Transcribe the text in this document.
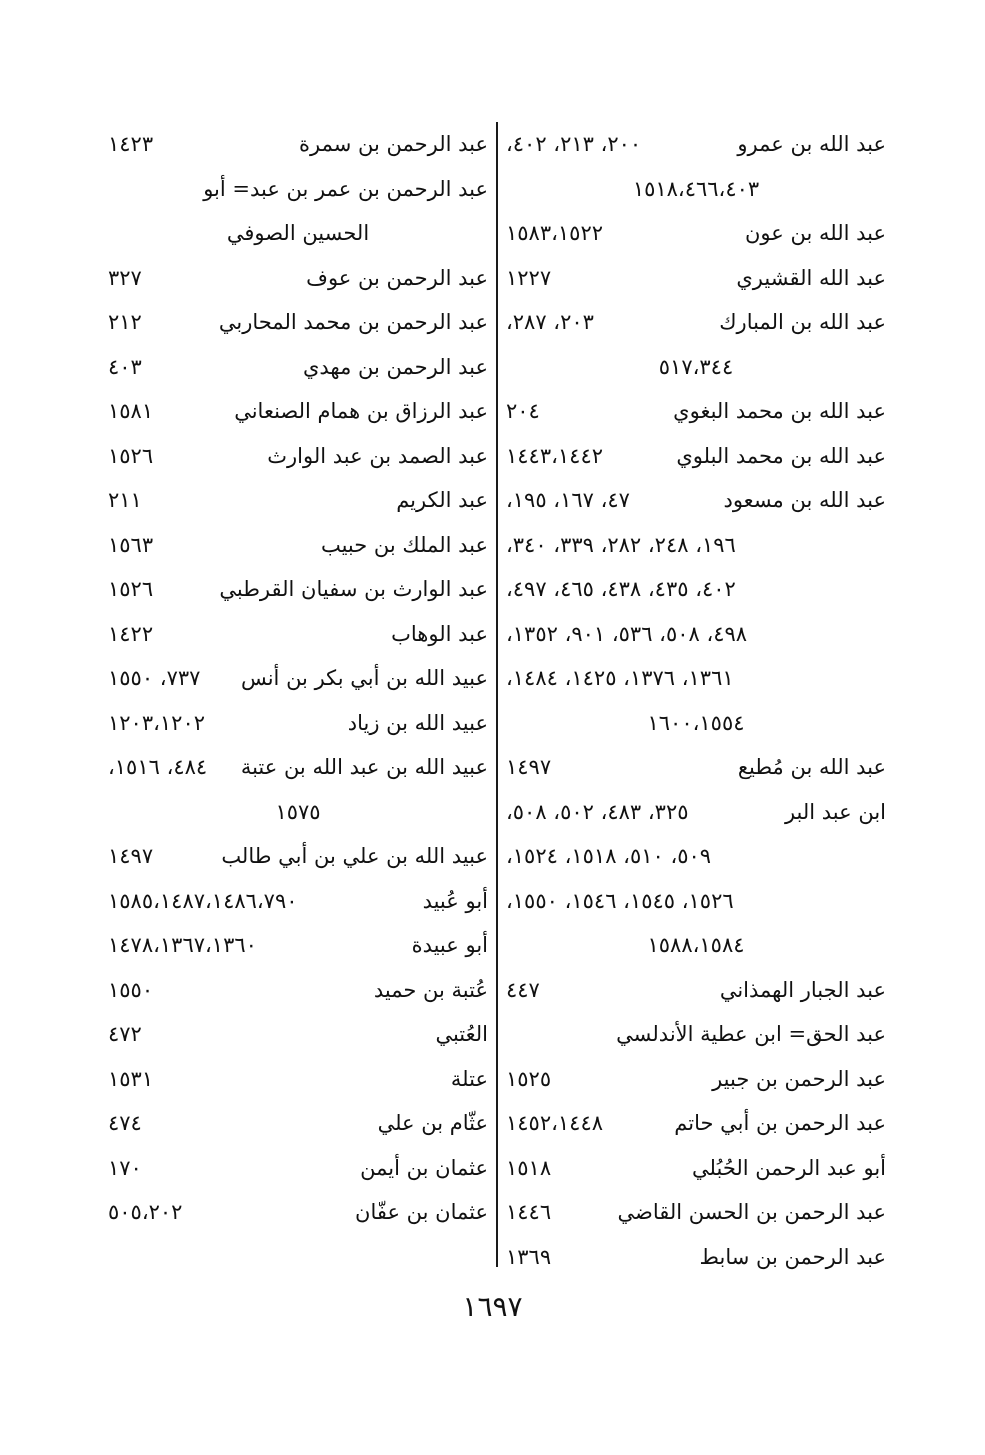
عبد الله بن عمرو
٢٠٠، ٢١٣، ٤٠٢،
١٥١٨،٤٦٦،٤٠٣
عبد الله بن عون
١٥٨٣،١٥٢٢
عبد الله القشيري
١٢٢٧
عبد الله بن المبارك
٢٠٣، ٢٨٧،
٥١٧،٣٤٤
عبد الله بن محمد البغوي
٢٠٤
عبد الله بن محمد البلوي
١٤٤٣،١٤٤٢
عبد الله بن مسعود
٤٧، ١٦٧، ١٩٥،
١٩٦، ٢٤٨، ٢٨٢، ٣٣٩، ٣٤٠،
٤٠٢، ٤٣٥، ٤٣٨، ٤٦٥، ٤٩٧،
٤٩٨، ٥٠٨، ٥٣٦، ٩٠١، ١٣٥٢،
١٣٦١، ١٣٧٦، ١٤٢٥، ١٤٨٤،
١٦٠٠،١٥٥٤
عبد الله بن مُطيع
١٤٩٧
ابن عبد البر
٣٢٥، ٤٨٣، ٥٠٢، ٥٠٨،
٥٠٩، ٥١٠، ١٥١٨، ١٥٢٤،
١٥٢٦، ١٥٤٥، ١٥٤٦، ١٥٥٠،
١٥٨٨،١٥٨٤
عبد الجبار الهمذاني
٤٤٧
عبد الحق= ابن عطية الأندلسي
عبد الرحمن بن جبير
١٥٢٥
عبد الرحمن بن أبي حاتم
١٤٥٢،١٤٤٨
أبو عبد الرحمن الحُبُلي
١٥١٨
عبد الرحمن بن الحسن القاضي
١٤٤٦
عبد الرحمن بن سابط
١٣٦٩
عبد الرحمن بن سمرة
١٤٢٣
عبد الرحمن بن عمر بن عبد= أبو
الحسين الصوفي
عبد الرحمن بن عوف
٣٢٧
عبد الرحمن بن محمد المحاربي
٢١٢
عبد الرحمن بن مهدي
٤٠٣
عبد الرزاق بن همام الصنعاني
١٥٨١
عبد الصمد بن عبد الوارث
١٥٢٦
عبد الكريم
٢١١
عبد الملك بن حبيب
١٥٦٣
عبد الوارث بن سفيان القرطبي
١٥٢٦
عبد الوهاب
١٤٢٢
عبيد الله بن أبي بكر بن أنس
٧٣٧، ١٥٥٠
عبيد الله بن زياد
١٢٠٣،١٢٠٢
عبيد الله بن عبد الله بن عتبة
٤٨٤، ١٥١٦،
١٥٧٥
عبيد الله بن علي بن أبي طالب
١٤٩٧
أبو عُبيد
١٥٨٥،١٤٨٧،١٤٨٦،٧٩٠
أبو عبيدة
١٤٧٨،١٣٦٧،١٣٦٠
عُتبة بن حميد
١٥٥٠
العُتبي
٤٧٢
عتلة
١٥٣١
عثّام بن علي
٤٧٤
عثمان بن أيمن
١٧٠
عثمان بن عفّان
٥٠٥،٢٠٢
١٦٩٧
